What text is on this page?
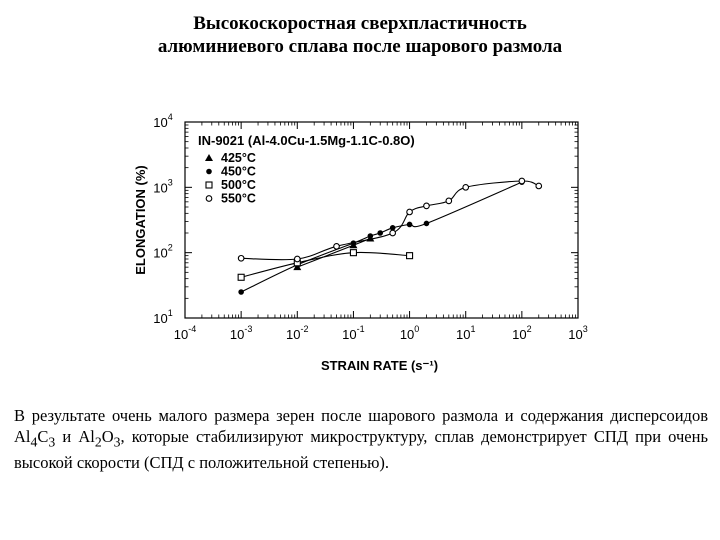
Высокоскоростная сверхпластичность
алюминиевого сплава после шарового размола
$10^{-4}$	$10^{-3}$	$10^{-2}$	$10^{-1}$	$10^0$	$10^1$	$10^2$	$10^3$
$10^1$
$10^2$
$10^3$
$10^4$
STRAIN RATE (s⁻¹)
ELONGATION (%)
IN-9021 (Al-4.0Cu-1.5Mg-1.1C-0.8O)
425°C
450°C
500°C
550°C
В результате очень малого размера зерен после шарового размола и содержания дисперсоидов $Al_4C_3$ и $Al_2O_3$, которые стабилизируют микроструктуру, сплав демонстрирует СПД при очень высокой скорости (СПД с положительной степенью).
